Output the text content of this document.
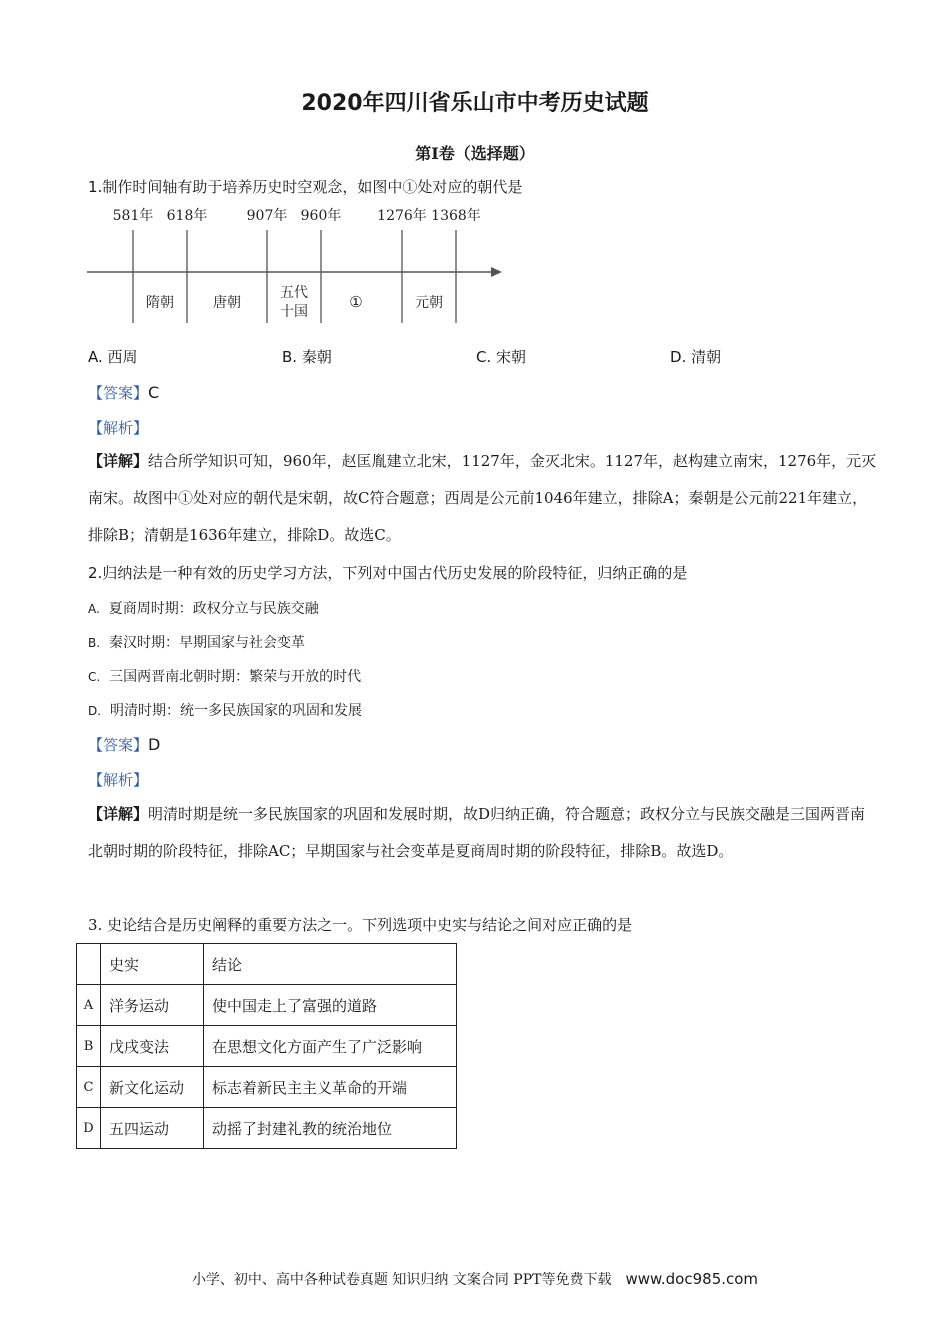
2020年四川省乐山市中考历史试题
第Ⅰ卷（选择题）
1.制作时间轴有助于培养历史时空观念，如图中①处对应的朝代是
581年 618年	907年 960年	1276年 1368年
隋朝	唐朝
五代
十国
①	元朝
A. 西周	B. 秦朝	C. 宋朝	D. 清朝
【答案】C
【解析】
【详解】结合所学知识可知，960年，赵匡胤建立北宋，1127年，金灭北宋。1127年，赵构建立南宋，1276年，元灭南宋。故图中①处对应的朝代是宋朝，故C符合题意；西周是公元前1046年建立，排除A；秦朝是公元前221年建立，排除B；清朝是1636年建立，排除D。故选C。
2.归纳法是一种有效的历史学习方法，下列对中国古代历史发展的阶段特征，归纳正确的是
A. 夏商周时期：政权分立与民族交融
B. 秦汉时期：早期国家与社会变革
C. 三国两晋南北朝时期：繁荣与开放的时代
D. 明清时期：统一多民族国家的巩固和发展
【答案】D
【解析】
【详解】明清时期是统一多民族国家的巩固和发展时期，故D归纳正确，符合题意；政权分立与民族交融是三国两晋南北朝时期的阶段特征，排除AC；早期国家与社会变革是夏商周时期的阶段特征，排除B。故选D。
3. 史论结合是历史阐释的重要方法之一。下列选项中史实与结论之间对应正确的是
	史实	结论
A	洋务运动	使中国走上了富强的道路
B	戊戌变法	在思想文化方面产生了广泛影响
C	新文化运动	标志着新民主主义革命的开端
D	五四运动	动摇了封建礼教的统治地位
小学、初中、高中各种试卷真题 知识归纳 文案合同 PPT等免费下载 www.doc985.com
